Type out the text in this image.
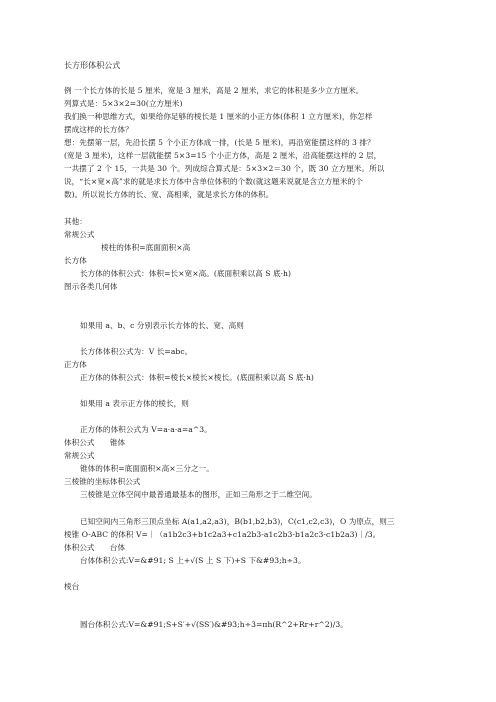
长方形体积公式
例 一个长方体的长是 5 厘米，宽是 3 厘米，高是 2 厘米，求它的体积是多少立方厘米。
列算式是：5×3×2=30(立方厘米)
我们换一种思维方式，如果给你足够的棱长是 1 厘米的小正方体(体积 1 立方厘米)，你怎样
摆成这样的长方体？
想：先摆第一层，先沿长摆 5 个小正方体成一排，(长是 5 厘米)，再沿宽能摆这样的 3 排？
(宽是 3 厘米)，这样一层就能摆 5×3=15 个小正方体，高是 2 厘米，沿高能摆这样的 2 层，
一共摆了 2 个 15，一共是 30 个。列成综合算式是：5×3×2＝30 个，既 30 立方厘米。所以
说，“长×宽×高”求的就是求长方体中含单位体积的个数(就这题来说就是含立方厘米的个
数)。所以说长方体的长、宽、高相乘，就是求长方体的体积。
其他：
常规公式
棱柱的体积=底面面积×高
长方体
长方体的体积公式：体积=长×宽×高。(底面积乘以高 S 底·h)
图示各类几何体
如果用 a、b、c 分别表示长方体的长、宽、高则
长方体体积公式为：V 长=abc。
正方体
正方体的体积公式：体积=棱长×棱长×棱长。(底面积乘以高 S 底·h)
如果用 a 表示正方体的棱长，则
正方体的体积公式为 V=a·a·a=a^3。
体积公式　　锥体
常规公式
锥体的体积=底面面积×高×三分之一。
三棱锥的坐标体积公式
三棱锥是立体空间中最普通最基本的图形，正如三角形之于二维空间。
已知空间内三角形三顶点坐标 A(a1,a2,a3)，B(b1,b2,b3)，C(c1,c2,c3)，O 为原点，则三
棱锥 O-ABC 的体积 V=｜（a1b2c3+b1c2a3+c1a2b3-a1c2b3-b1a2c3-c1b2a3)｜/3。
体积公式　　台体
台体体积公式:V=&#91; S 上+√(S 上 S 下)+S 下&#93;h÷3。
棱台
圆台体积公式:V=&#91;S+S′+√(SS′)&#93;h÷3=πh(R^2+Rr+r^2)/3。
